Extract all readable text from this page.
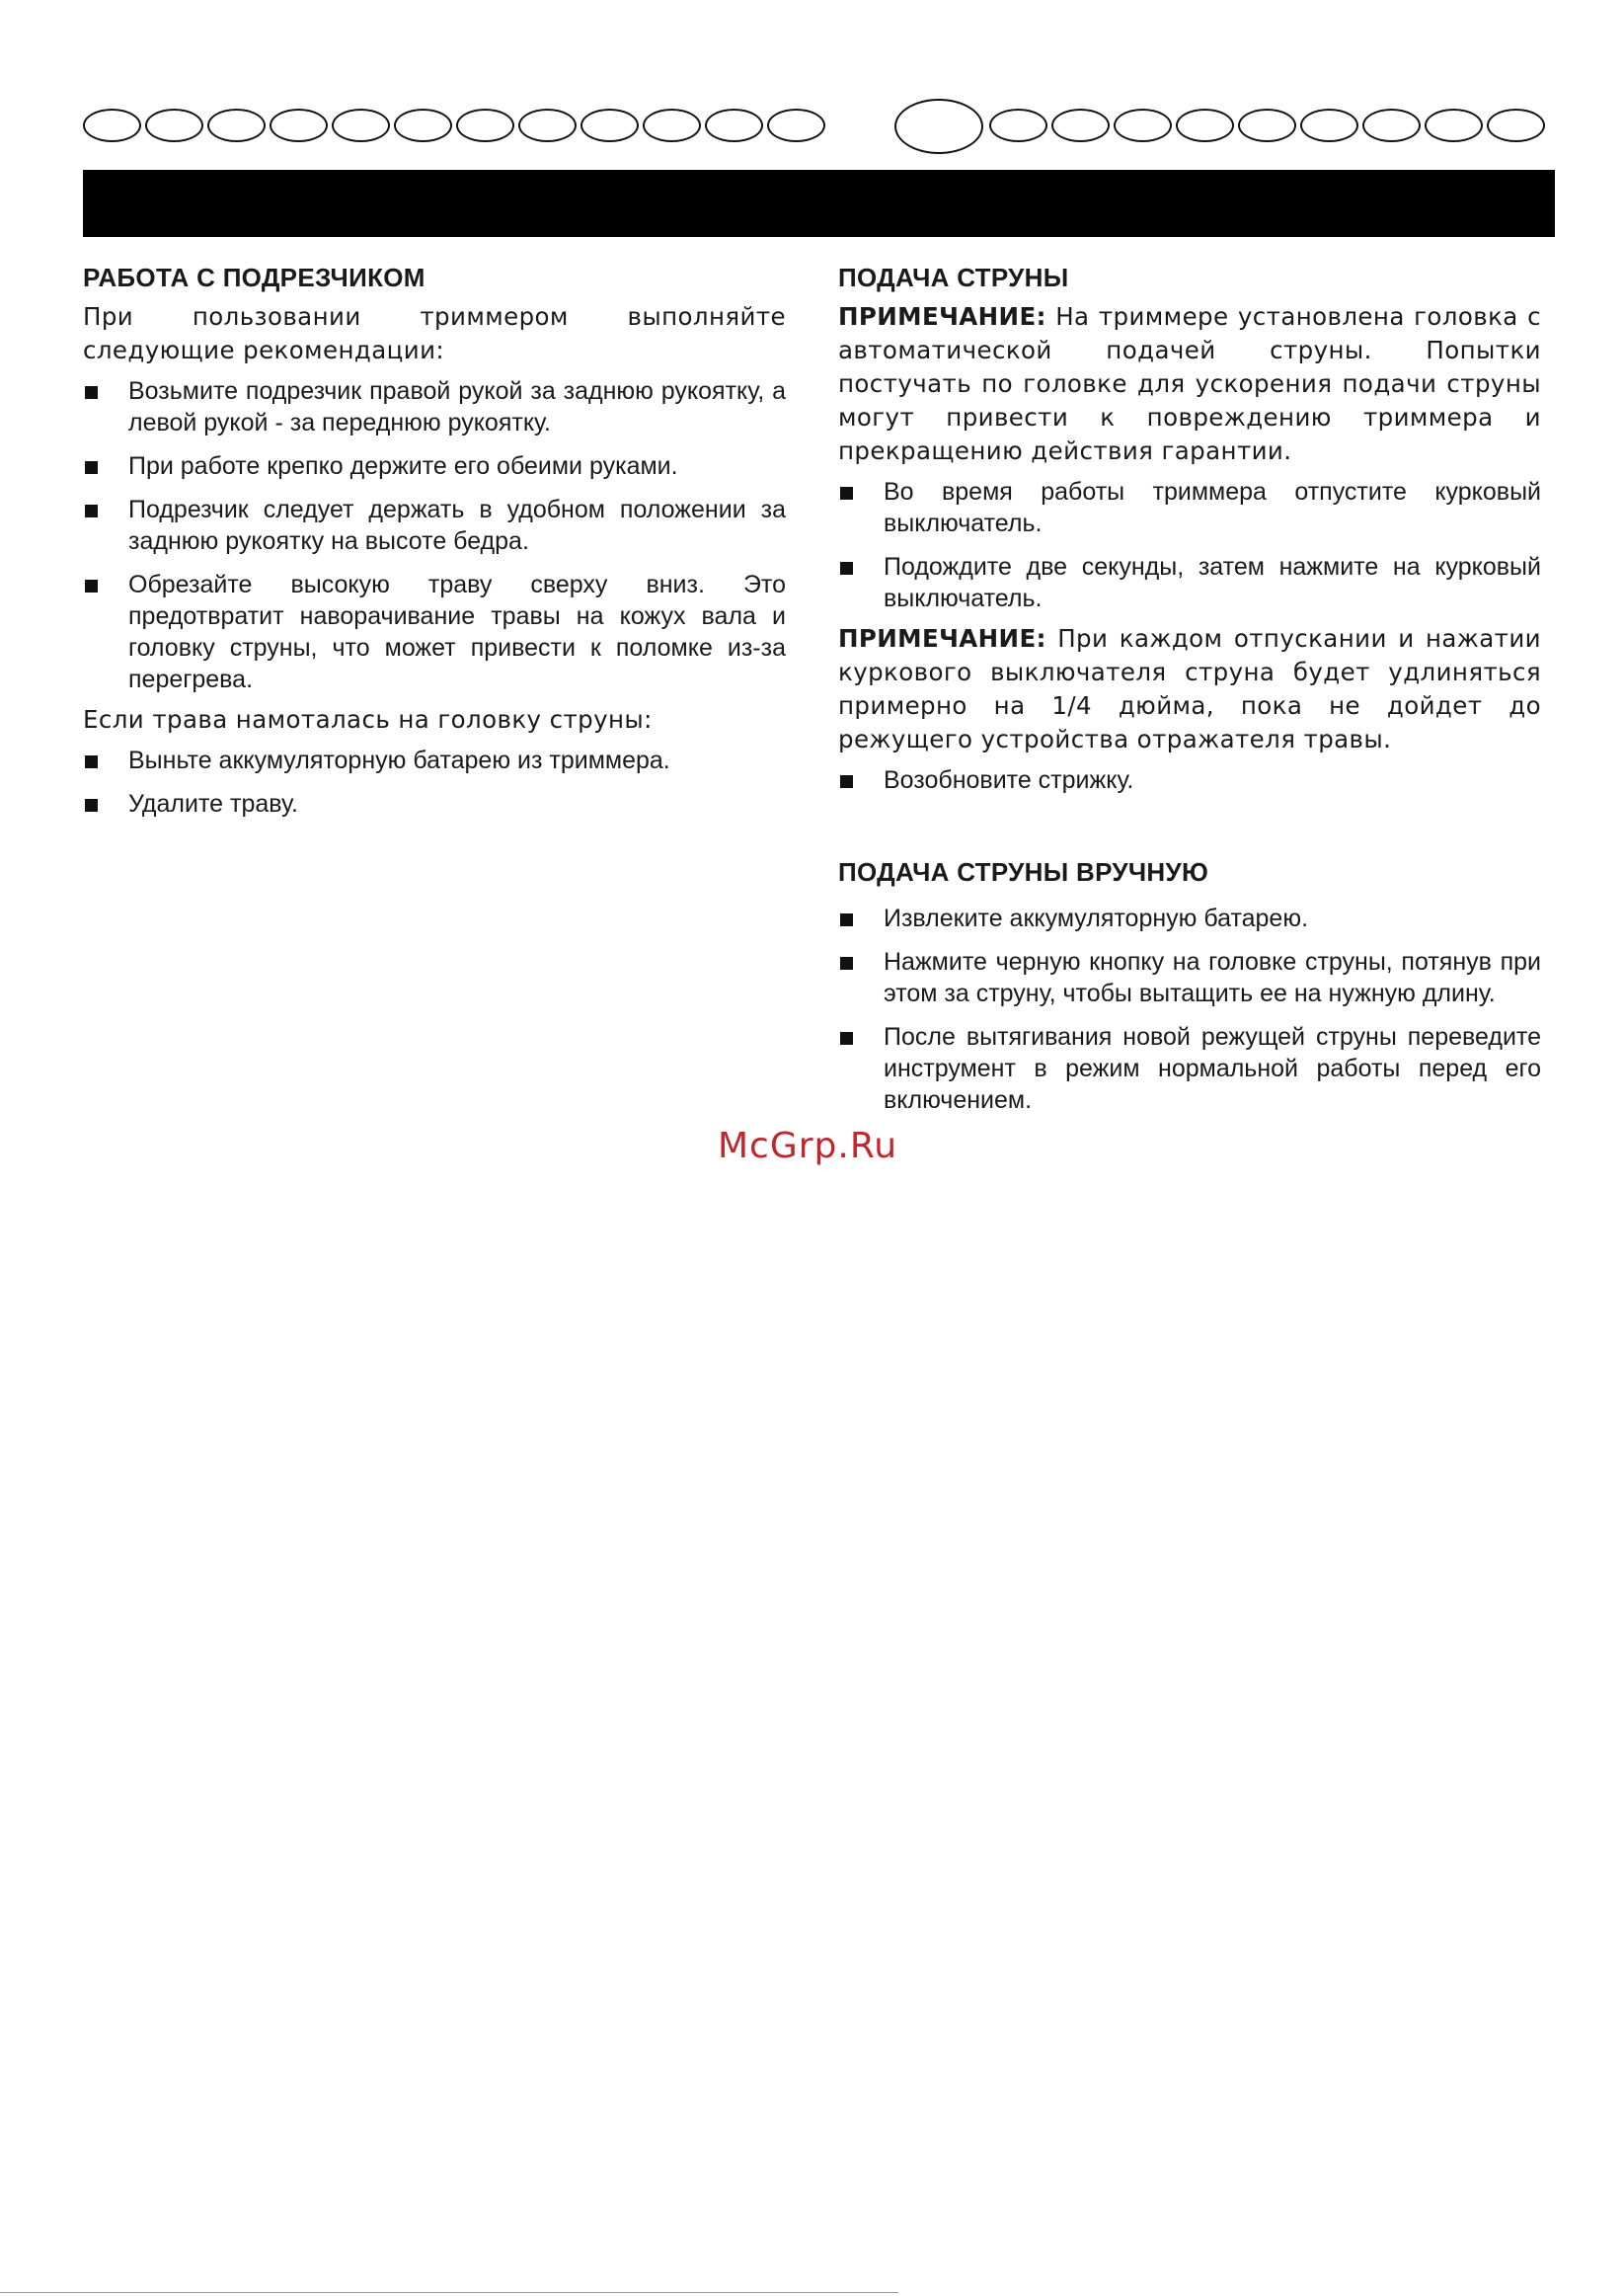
РАБОТА С ПОДРЕЗЧИКОМ

При пользовании триммером выполняйте следующие рекомендации:

Возьмите подрезчик правой рукой за заднюю рукоятку, а левой рукой - за переднюю рукоятку.
При работе крепко держите его обеими руками.
Подрезчик следует держать в удобном положении за заднюю рукоятку на высоте бедра.
Обрезайте высокую траву сверху вниз. Это предотвратит наворачивание травы на кожух вала и головку струны, что может привести к поломке из-за перегрева.

Если трава намоталась на головку струны:

Выньте аккумуляторную батарею из триммера.
Удалите траву.
ПОДАЧА СТРУНЫ

ПРИМЕЧАНИЕ: На триммере установлена головка с автоматической подачей струны. Попытки постучать по головке для ускорения подачи струны могут привести к повреждению триммера и прекращению действия гарантии.

Во время работы триммера отпустите курковый выключатель.
Подождите две секунды, затем нажмите на курковый выключатель.

ПРИМЕЧАНИЕ: При каждом отпускании и нажатии куркового выключателя струна будет удлиняться примерно на 1/4 дюйма, пока не дойдет до режущего устройства отражателя травы.

Возобновите стрижку.
ПОДАЧА СТРУНЫ ВРУЧНУЮ
Извлеките аккумуляторную батарею.
Нажмите черную кнопку на головке струны, потянув при этом за струну, чтобы вытащить ее на нужную длину.
После вытягивания новой режущей струны переведите инструмент в режим нормальной работы перед его включением.
McGrp.Ru
